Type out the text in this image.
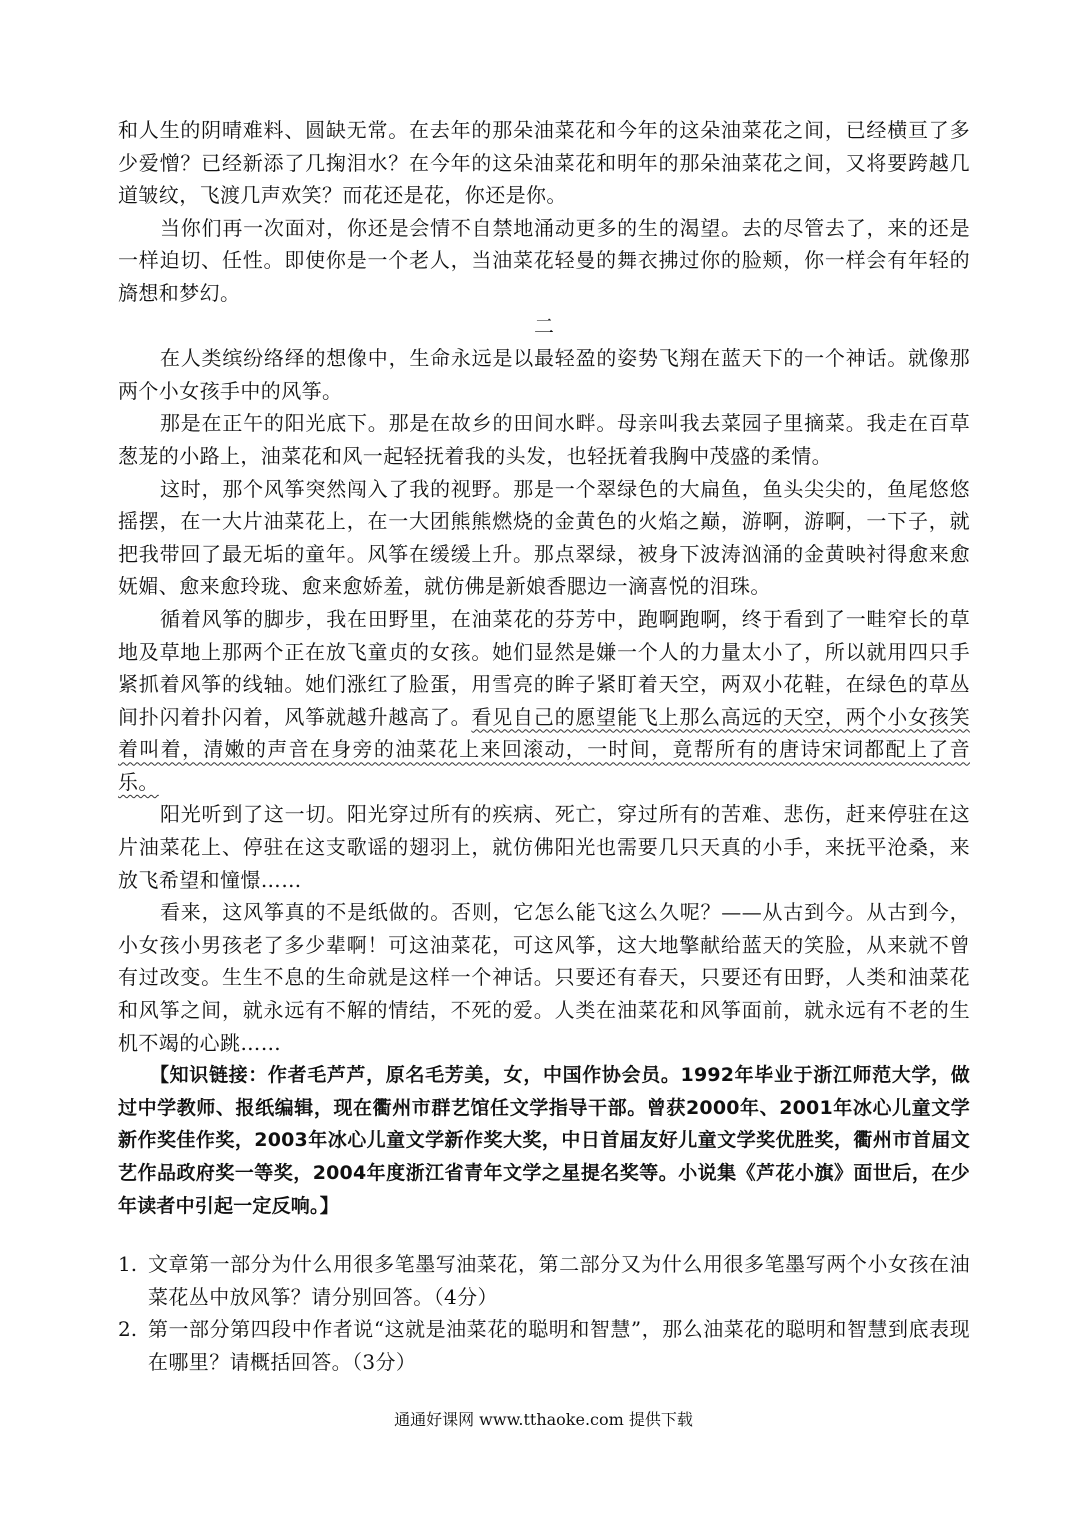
和人生的阴晴难料、圆缺无常。在去年的那朵油菜花和今年的这朵油菜花之间，已经横亘了多少爱憎？已经新添了几掬泪水？在今年的这朵油菜花和明年的那朵油菜花之间，又将要跨越几道皱纹，飞渡几声欢笑？而花还是花，你还是你。

当你们再一次面对，你还是会情不自禁地涌动更多的生的渴望。去的尽管去了，来的还是一样迫切、任性。即使你是一个老人，当油菜花轻曼的舞衣拂过你的脸颊，你一样会有年轻的旖想和梦幻。

二

在人类缤纷络绎的想像中，生命永远是以最轻盈的姿势飞翔在蓝天下的一个神话。就像那两个小女孩手中的风筝。

那是在正午的阳光底下。那是在故乡的田间水畔。母亲叫我去菜园子里摘菜。我走在百草葱茏的小路上，油菜花和风一起轻抚着我的头发，也轻抚着我胸中茂盛的柔情。

这时，那个风筝突然闯入了我的视野。那是一个翠绿色的大扁鱼，鱼头尖尖的，鱼尾悠悠摇摆，在一大片油菜花上，在一大团熊熊燃烧的金黄色的火焰之巅，游啊，游啊，一下子，就把我带回了最无垢的童年。风筝在缓缓上升。那点翠绿，被身下波涛汹涌的金黄映衬得愈来愈妩媚、愈来愈玲珑、愈来愈娇羞，就仿佛是新娘香腮边一滴喜悦的泪珠。

循着风筝的脚步，我在田野里，在油菜花的芬芳中，跑啊跑啊，终于看到了一畦窄长的草地及草地上那两个正在放飞童贞的女孩。她们显然是嫌一个人的力量太小了，所以就用四只手紧抓着风筝的线轴。她们涨红了脸蛋，用雪亮的眸子紧盯着天空，两双小花鞋，在绿色的草丛间扑闪着扑闪着，风筝就越升越高了。看见自己的愿望能飞上那么高远的天空，两个小女孩笑着叫着，清嫩的声音在身旁的油菜花上来回滚动，一时间，竟帮所有的唐诗宋词都配上了音乐。

阳光听到了这一切。阳光穿过所有的疾病、死亡，穿过所有的苦难、悲伤，赶来停驻在这片油菜花上、停驻在这支歌谣的翅羽上，就仿佛阳光也需要几只天真的小手，来抚平沧桑，来放飞希望和憧憬……

看来，这风筝真的不是纸做的。否则，它怎么能飞这么久呢？——从古到今。从古到今，小女孩小男孩老了多少辈啊！可这油菜花，可这风筝，这大地擎献给蓝天的笑脸，从来就不曾有过改变。生生不息的生命就是这样一个神话。只要还有春天，只要还有田野，人类和油菜花和风筝之间，就永远有不解的情结，不死的爱。人类在油菜花和风筝面前，就永远有不老的生机不竭的心跳……

【知识链接：作者毛芦芦，原名毛芳美，女，中国作协会员。1992年毕业于浙江师范大学，做过中学教师、报纸编辑，现在衢州市群艺馆任文学指导干部。曾获2000年、2001年冰心儿童文学新作奖佳作奖，2003年冰心儿童文学新作奖大奖，中日首届友好儿童文学奖优胜奖，衢州市首届文艺作品政府奖一等奖，2004年度浙江省青年文学之星提名奖等。小说集《芦花小旗》面世后，在少年读者中引起一定反响。】

1. 文章第一部分为什么用很多笔墨写油菜花，第二部分又为什么用很多笔墨写两个小女孩在油菜花丛中放风筝？请分别回答。（4分）
2. 第一部分第四段中作者说“这就是油菜花的聪明和智慧”，那么油菜花的聪明和智慧到底表现在哪里？请概括回答。（3分）
通通好课网 www.tthaoke.com 提供下载
